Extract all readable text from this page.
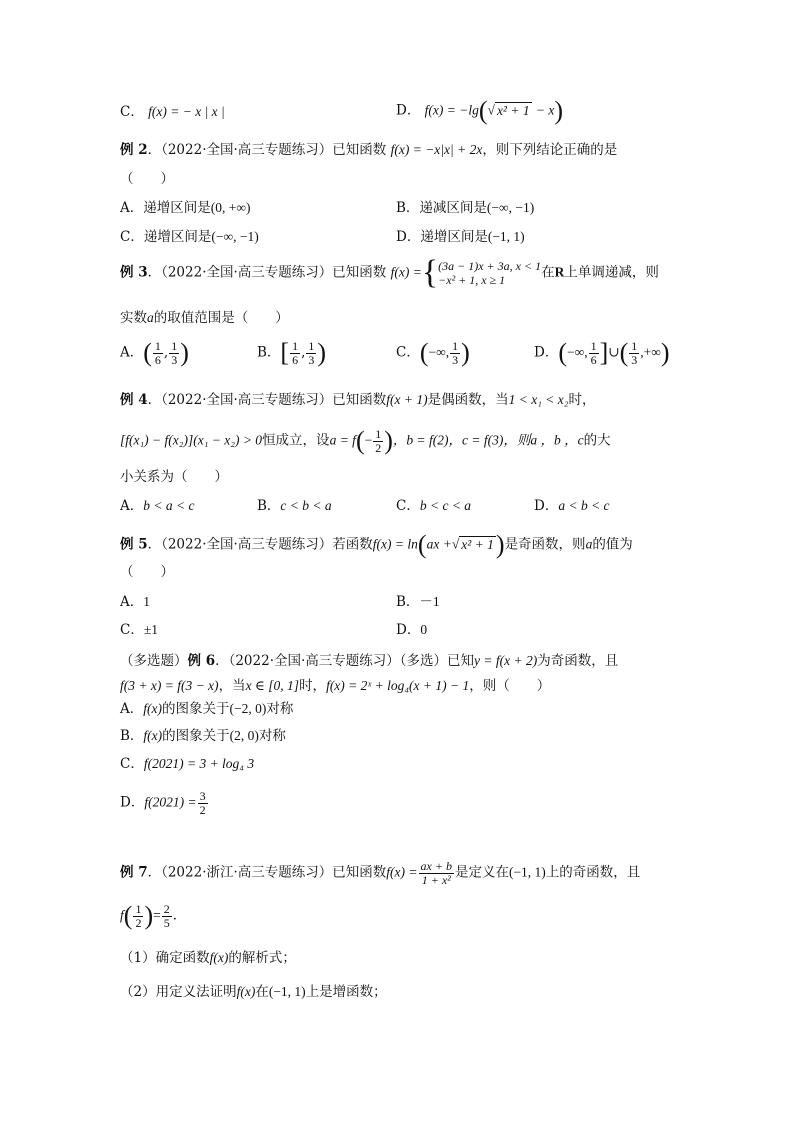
C． f(x) = − x | x |	D． f(x) = −lg(√ x² + 1 − x)
例 2．（2022·全国·高三专题练习）已知函数 f(x) = −x|x| + 2x，则下列结论正确的是
（　　）
A．递增区间是(0, +∞)	B．递减区间是(−∞, −1)
C．递增区间是(−∞, −1)	D．递增区间是(−1, 1)
例 3．（2022·全国·高三专题练习）已知函数 f(x) ={(3a − 1)x + 3a, x < 1
−x² + 1, x ≥ 1	在R上单调递减，则
实数a的取值范围是（　　）
A．( $\frac{1}{6}$ , $\frac{1}{3}$ )	B．[ $\frac{1}{6}$ , $\frac{1}{3}$ )	C．(−∞, $\frac{1}{3}$ )	D．(−∞, $\frac{1}{6}$ ]∪( $\frac{1}{3}$ ,+∞)
例 4．（2022·全国·高三专题练习）已知函数f(x + 1)是偶函数，当1 < x₁ < x₂时，
[f(x₁) − f(x₂)](x₁ − x₂) > 0恒成立，设$a = f(- \frac{1}{2}$ )，b = f(2)，c = f(3)，则a ，b ，c的大
小关系为（　　）
A．b < a < c	B．c < b < a	C．b < c < a	D．a < b < c
例 5．（2022·全国·高三专题练习）若函数f(x) = ln(ax +√ x² + 1)是奇函数，则a的值为
（　　）
A．1	B．－1
C．±1	D．0
（多选题）例 6．（2022·全国·高三专题练习）（多选）已知y = f(x + 2)为奇函数，且
f(3 + x) = f(3 − x)，当x ∈ [0, 1]时，f(x) = 2ˣ + log₄(x + 1) − 1，则（　　）
A．f(x)的图象关于(−2, 0)对称
B．f(x)的图象关于(2, 0)对称
C．f(2021) = 3 + log₄ 3
D．$f(2021) = \frac{3}{2}$
例 7．（2022·浙江·高三专题练习）已知函数$f(x) = \frac{ax + b}{\text{1 + x²}}$ 是定义在(−1, 1)上的奇函数，且
$f( \frac{1}{2}$ )= $\frac{2}{5}$ ．
（1）确定函数f(x)的解析式；
（2）用定义法证明f(x)在(−1, 1)上是增函数；
